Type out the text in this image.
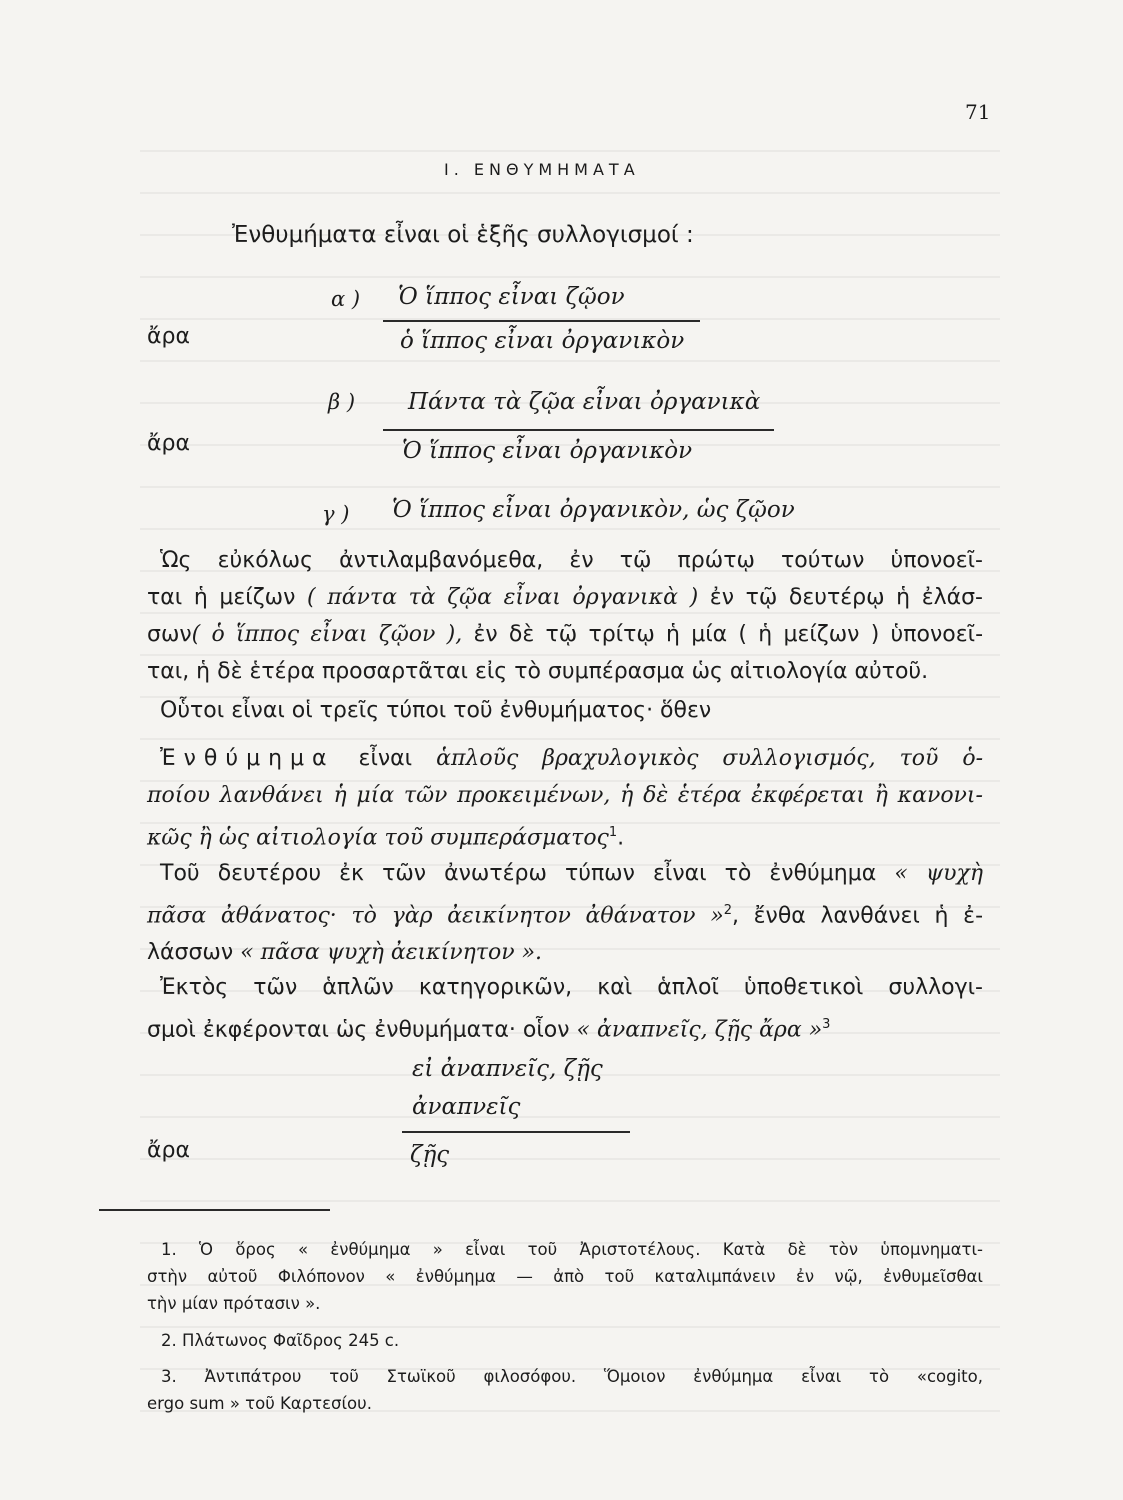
71
Ι. ΕΝΘΥΜΗΜΑΤΑ
Ἐνθυμήματα εἶναι οἱ ἑξῆς συλλογισμοί :
α ) Ὁ ἵππος εἶναι ζῷον
ἄρα	ὁ ἵππος εἶναι ὀργανικὸν
β ) Πάντα τὰ ζῷα εἶναι ὀργανικὰ
ἄρα	Ὁ ἵππος εἶναι ὀργανικὸν
γ ) Ὁ ἵππος εἶναι ὀργανικὸν, ὡς ζῷον
Ὡς εὐκόλως ἀντιλαμβανόμεθα, ἐν τῷ πρώτῳ τούτων ὑπονοεῖ-
ται ἡ μείζων ( πάντα τὰ ζῷα εἶναι ὀργανικὰ ) ἐν τῷ δευτέρῳ ἡ ἐλάσ-
σων( ὁ ἵππος εἶναι ζῷον ), ἐν δὲ τῷ τρίτῳ ἡ μία ( ἡ μείζων ) ὑπονοεῖ-
ται, ἡ δὲ ἑτέρα προσαρτᾶται εἰς τὸ συμπέρασμα ὡς αἰτιολογία αὐτοῦ.
Οὗτοι εἶναι οἱ τρεῖς τύποι τοῦ ἐνθυμήματος· ὅθεν
Ἐνθύμημα εἶναι ἁπλοῦς βραχυλογικὸς συλλογισμός, τοῦ ὁ-
ποίου λανθάνει ἡ μία τῶν προκειμένων, ἡ δὲ ἑτέρα ἐκφέρεται ἢ κανονι-
κῶς ἢ ὡς αἰτιολογία τοῦ συμπεράσματος$^1$.
Τοῦ δευτέρου ἐκ τῶν ἀνωτέρω τύπων εἶναι τὸ ἐνθύμημα « ψυχὴ
πᾶσα ἀθάνατος· τὸ γὰρ ἀεικίνητον ἀθάνατον »$^2$, ἔνθα λανθάνει ἡ ἐ-
λάσσων « πᾶσα ψυχὴ ἀεικίνητον ».
Ἐκτὸς τῶν ἁπλῶν κατηγορικῶν, καὶ ἁπλοῖ ὑποθετικοὶ συλλογι-
σμοὶ ἐκφέρονται ὡς ἐνθυμήματα· οἷον « ἀναπνεῖς, ζῇς ἄρα »$^3$
εἰ ἀναπνεῖς, ζῇς
ἀναπνεῖς
ἄρα	ζῇς
1. Ὁ ὅρος « ἐνθύμημα » εἶναι τοῦ Ἀριστοτέλους. Κατὰ δὲ τὸν ὑπομνηματι-
στὴν αὐτοῦ Φιλόπονον « ἐνθύμημα — ἀπὸ τοῦ καταλιμπάνειν ἐν νῷ, ἐνθυμεῖσθαι
τὴν μίαν πρότασιν ».
2. Πλάτωνος Φαῖδρος 245 c.
3. Ἀντιπάτρου τοῦ Στωϊκοῦ φιλοσόφου. Ὅμοιον ἐνθύμημα εἶναι τὸ «cogito,
ergo sum » τοῦ Καρτεσίου.
